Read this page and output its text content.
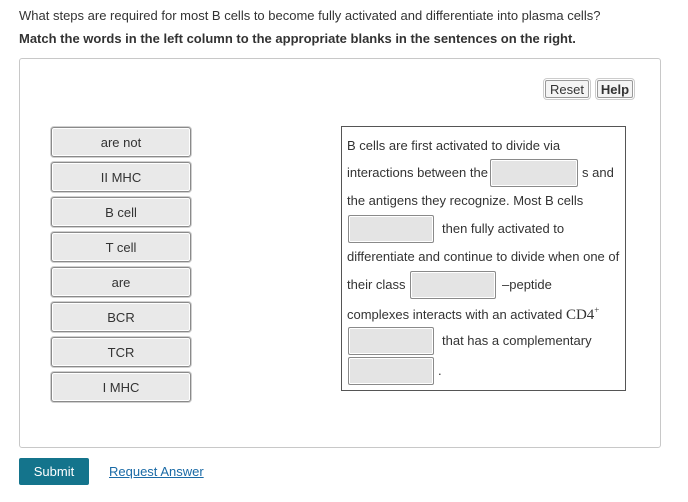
What steps are required for most B cells to become fully activated and differentiate into plasma cells?
Match the words in the left column to the appropriate blanks in the sentences on the right.
Reset	Help
are not
II MHC
B cell
T cell
are
BCR
TCR
I MHC
B cells are first activated to divide via
interactions between the	s and
the antigens they recognize. Most B cells
then fully activated to
differentiate and continue to divide when one of
their class	–peptide
complexes interacts with an activated CD4+
that has a complementary
.
Submit	Request Answer
